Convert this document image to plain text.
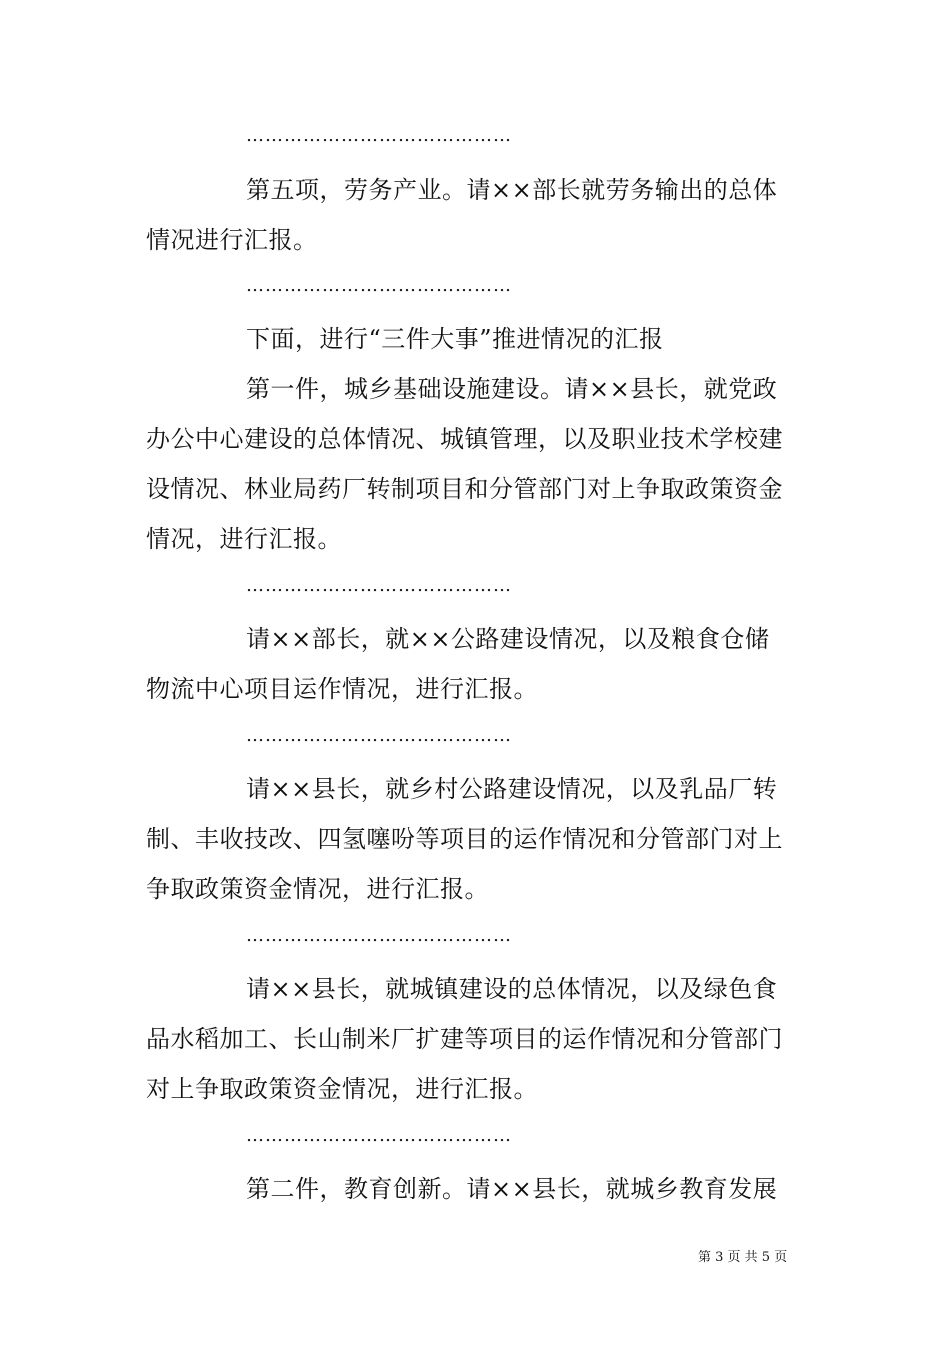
……………………………………
第五项，劳务产业。请××部长就劳务输出的总体
情况进行汇报。
……………………………………
下面，进行“三件大事”推进情况的汇报
第一件，城乡基础设施建设。请××县长，就党政
办公中心建设的总体情况、城镇管理，以及职业技术学校建
设情况、林业局药厂转制项目和分管部门对上争取政策资金
情况，进行汇报。
……………………………………
请××部长，就××公路建设情况，以及粮食仓储
物流中心项目运作情况，进行汇报。
……………………………………
请××县长，就乡村公路建设情况，以及乳品厂转
制、丰收技改、四氢噻吩等项目的运作情况和分管部门对上
争取政策资金情况，进行汇报。
……………………………………
请××县长，就城镇建设的总体情况，以及绿色食
品水稻加工、长山制米厂扩建等项目的运作情况和分管部门
对上争取政策资金情况，进行汇报。
……………………………………
第二件，教育创新。请××县长，就城乡教育发展
第 3 页 共 5 页
